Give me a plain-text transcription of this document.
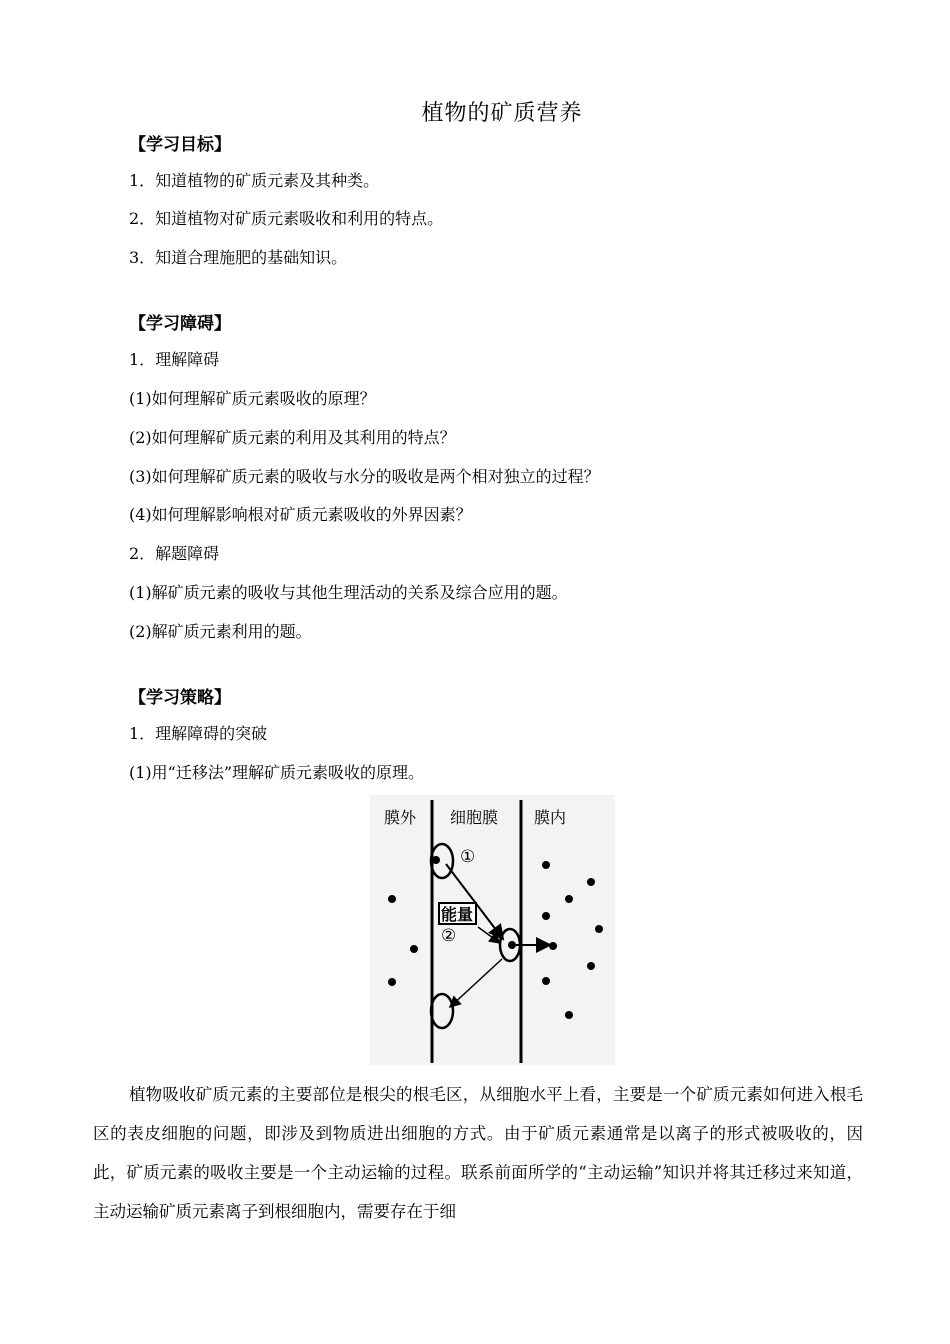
植物的矿质营养
【学习目标】
1．知道植物的矿质元素及其种类。
2．知道植物对矿质元素吸收和利用的特点。
3．知道合理施肥的基础知识。
【学习障碍】
1．理解障碍
(1)如何理解矿质元素吸收的原理？
(2)如何理解矿质元素的利用及其利用的特点？
(3)如何理解矿质元素的吸收与水分的吸收是两个相对独立的过程？
(4)如何理解影响根对矿质元素吸收的外界因素？
2．解题障碍
(1)解矿质元素的吸收与其他生理活动的关系及综合应用的题。
(2)解矿质元素利用的题。
【学习策略】
1．理解障碍的突破
(1)用“迁移法”理解矿质元素吸收的原理。
膜外 细胞膜 膜内
①
能量
②
植物吸收矿质元素的主要部位是根尖的根毛区，从细胞水平上看，主要是一个矿质元素如何进入根毛区的表皮细胞的问题，即涉及到物质进出细胞的方式。由于矿质元素通常是以离子的形式被吸收的，因此，矿质元素的吸收主要是一个主动运输的过程。联系前面所学的“主动运输”知识并将其迁移过来知道，主动运输矿质元素离子到根细胞内，需要存在于细
